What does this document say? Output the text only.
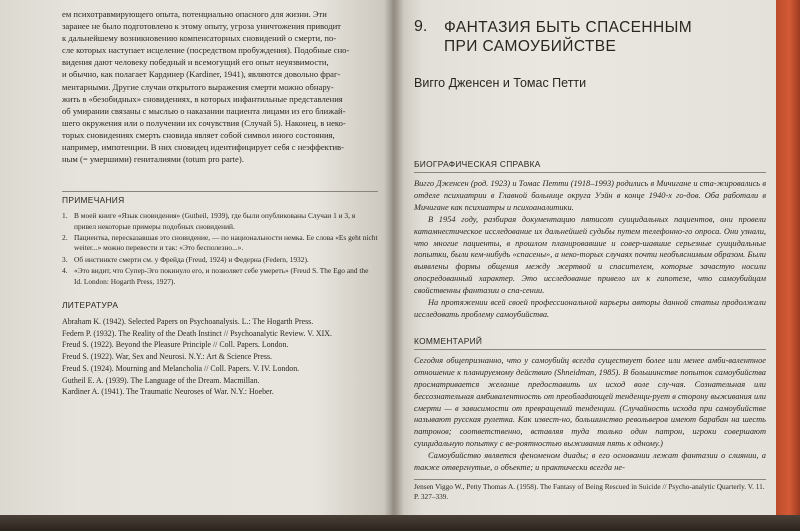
ем психотравмирующего опыта, потенциально опасного для жизни. Эти
заранее не было подготовлено к этому опыту, угроза уничтожения приводит
к дальнейшему возникновению компенсаторных сновидений о смерти, по-
сле которых наступает исцеление (посредством пробуждения). Подобные сно-
видения дают человеку победный и всемогущий его опыт неуязвимости,
и обычно, как полагает Кардинер (Kardiner, 1941), являются довольно фраг-
ментарными. Другие случаи открытого выражения смерти можно обнару-
жить в «безобидных» сновидениях, в которых инфантильные представления
об умирании связаны с мыслью о наказании пациента лицами из его ближай-
шего окружения или о получении их сочувствия (Случай 5). Наконец, в неко-
торых сновидениях смерть сновида являет собой символ иного состояния,
например, импотенции. В них сновидец идентифицирует себя с неэффектив-
ным (= умершими) гениталиями (totum pro parte).
ПРИМЕЧАНИЯ
1. В моей книге «Язык сновидения» (Gutheil, 1939), где были опубликованы Случаи 1 и 3, я привел некоторые примеры подобных сновидений.
2. Пациентка, пересказавшая это сновидение, — по национальности немка. Ее слова «Es geht nicht weiter...» можно перевести и так: «Это бесполезно...».
3. Об инстинкте смерти см. у Фрейда (Freud, 1924) и Федерна (Federn, 1932).
4. «Это видит, что Супер-Эго покинуло его, и позволяет себе умереть» (Freud S. The Ego and the Id. London: Hogarth Press, 1927).
ЛИТЕРАТУРА
Abraham K. (1942). Selected Papers on Psychoanalysis. L.: The Hogarth Press.
Federn P. (1932). The Reality of the Death Instinct // Psychoanalytic Review. V. XIX.
Freud S. (1922). Beyond the Pleasure Principle // Coll. Papers. London.
Freud S. (1922). War, Sex and Neurosi. N.Y.: Art & Science Press.
Freud S. (1924). Mourning and Melancholia // Coll. Papers. V. IV. London.
Gutheil E. A. (1939). The Language of the Dream. Macmillan.
Kardiner A. (1941). The Traumatic Neuroses of War. N.Y.: Hoeber.
9.	ФАНТАЗИЯ БЫТЬ СПАСЕННЫМ
ПРИ САМОУБИЙСТВЕ
Вигго Дженсен и Томас Петти
БИОГРАФИЧЕСКАЯ СПРАВКА

Вигго Дженсен (род. 1923) и Томас Петти (1918–1993) родились в Мичигане и ста-жировались в отделе психиатрии в Главной больнице округа Уэйн в конце 1940-х го-дов. Оба работали в Мичигане как психиатры и психоаналитики.

В 1954 году, разбирая документацию пятисот суицидальных пациентов, они провели катамнестическое исследование их дальнейшей судьбы путем телефонно-го опроса. Они узнали, что многие пациенты, в прошлом планировавшие и совер-шавшие серьезные суицидальные попытки, были кем-нибудь «спасены», а неко-торых случаях почти необъяснимым образом. Были выявлены формы общения между жертвой и спасителем, которые зачастую носили опосредованный характер. Это исследование привело их к гипотезе, что самоубийцам свойственны фантазии о спа-сении.

На протяжении всей своей профессиональной карьеры авторы данной статьи продолжали исследовать проблему самоубийства.

КОММЕНТАРИЙ

Сегодня общепризнанно, что у самоубийц всегда существует более или менее амби-валентное отношение к планируемому действию (Shneidman, 1985). В большинстве попыток самоубийства просматривается желание предоставить их исход воле слу-чая. Сознательная или бессознательная амбивалентность от преобладающей тенденци-рует в сторону выживания или смерти — в зависимости от превращений тенденции. (Случайность исхода при самоубийстве называют русская рулетка. Как извест-но, большинство револьверов имеют барабан на шесть патронов; соответственно, вставляя туда только один патрон, игроки совершают суицидальную попытку с ве-роятностью выживания пять к одному.)

Самоубийство является феноменом диады; в его основании лежат фантазии о слиянии, а также отвергнутые, о объекте; и практически всегда не-

Jensen Viggo W., Petty Thomas A. (1958). The Fantasy of Being Rescued in Suicide // Psycho-analytic Quarterly. V. 11. P. 327–339.
